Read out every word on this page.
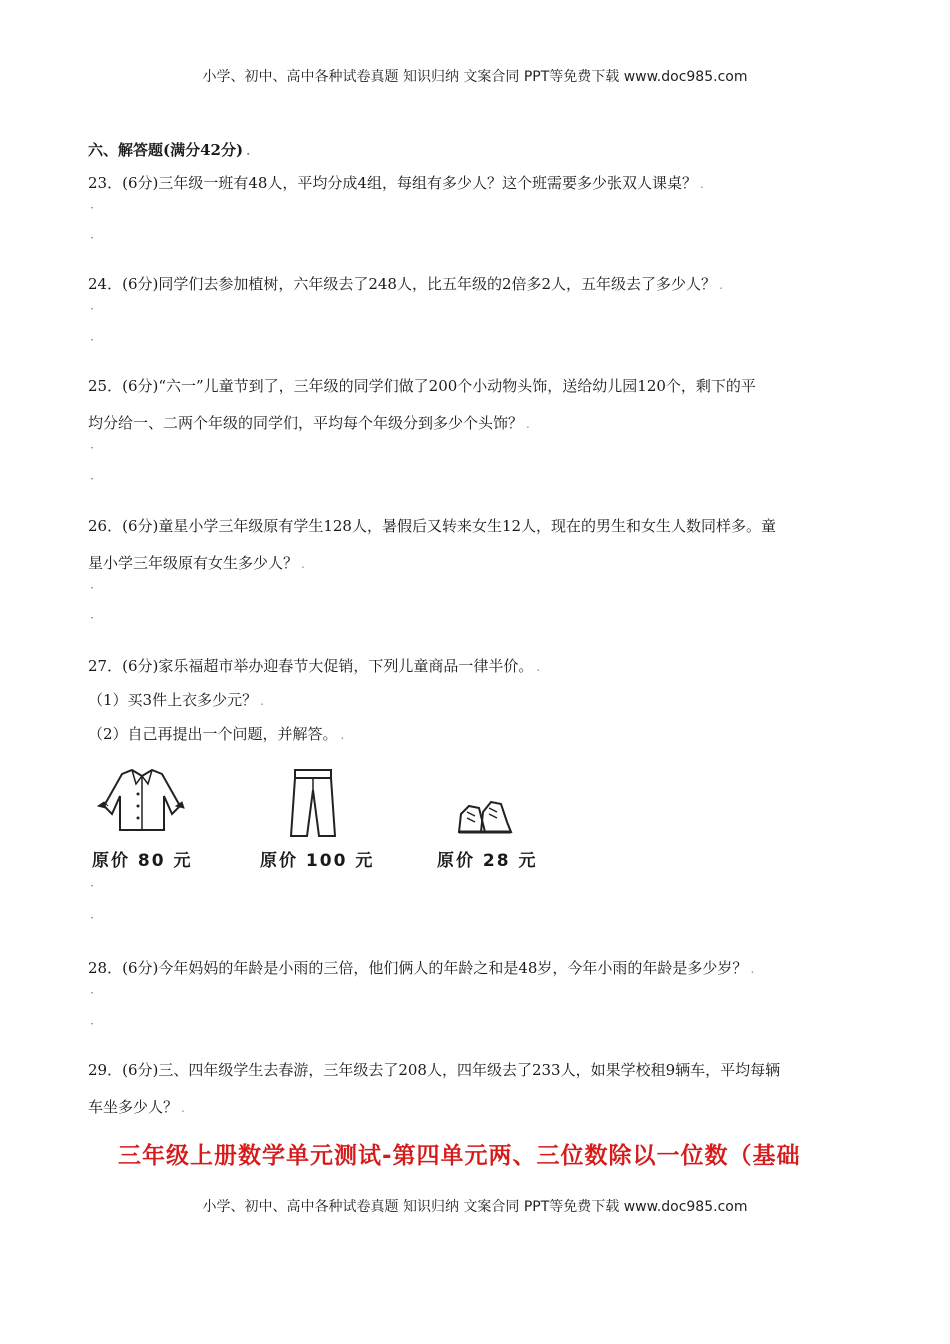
小学、初中、高中各种试卷真题 知识归纳 文案合同 PPT等免费下载 www.doc985.com
六、解答题(满分42分) .
23．(6分)三年级一班有48人，平均分成4组，每组有多少人？这个班需要多少张双人课桌？ .
·
·
24．(6分)同学们去参加植树，六年级去了248人，比五年级的2倍多2人，五年级去了多少人？ .
·
·
25．(6分)“六一”儿童节到了，三年级的同学们做了200个小动物头饰，送给幼儿园120个，剩下的平
均分给一、二两个年级的同学们，平均每个年级分到多少个头饰？ .
·
·
26．(6分)童星小学三年级原有学生128人，暑假后又转来女生12人，现在的男生和女生人数同样多。童
星小学三年级原有女生多少人？ .
·
·
27．(6分)家乐福超市举办迎春节大促销，下列儿童商品一律半价。 .
（1）买3件上衣多少元？ .
（2）自己再提出一个问题，并解答。 .
原价 80 元	原价 100 元	原价 28 元
·
·
28．(6分)今年妈妈的年龄是小雨的三倍，他们俩人的年龄之和是48岁，今年小雨的年龄是多少岁？ .
·
·
29．(6分)三、四年级学生去春游，三年级去了208人，四年级去了233人，如果学校租9辆车，平均每辆
车坐多少人？ .
三年级上册数学单元测试-第四单元两、三位数除以一位数（基础
小学、初中、高中各种试卷真题 知识归纳 文案合同 PPT等免费下载 www.doc985.com
